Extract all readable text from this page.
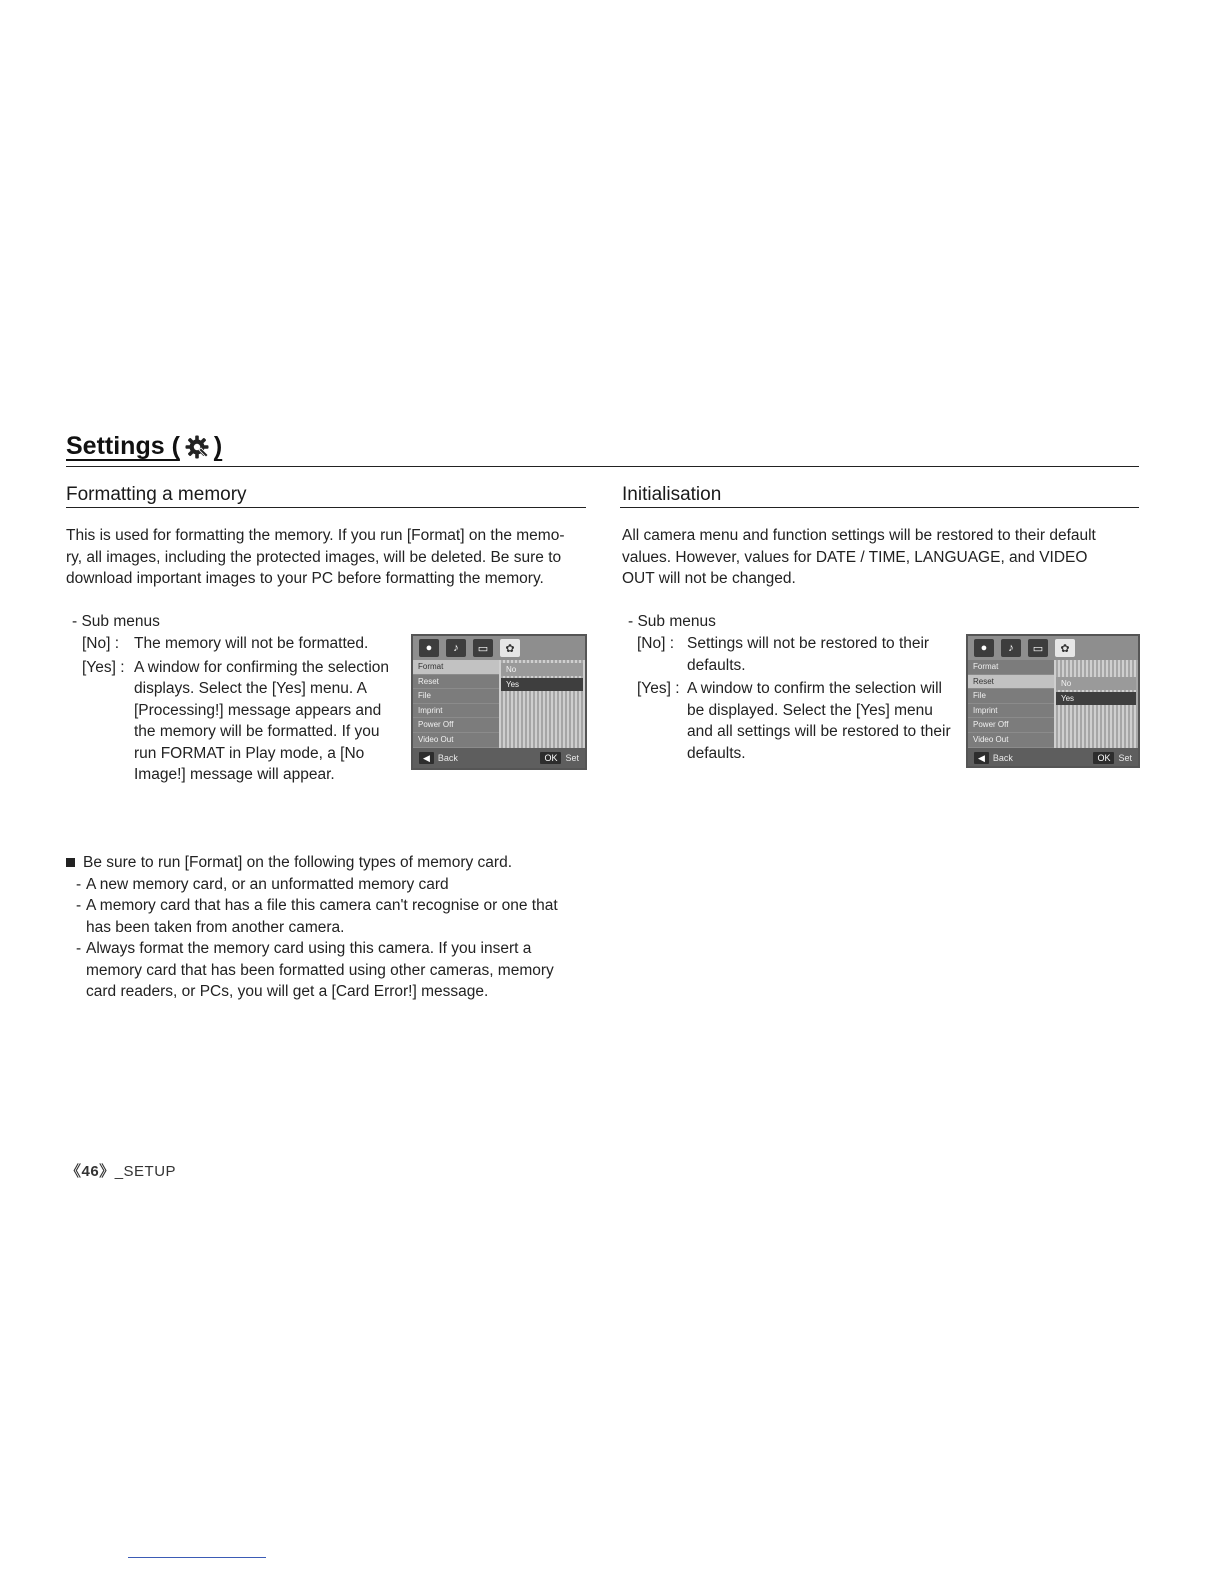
Settings ( )
Formatting a memory

This is used for formatting the memory. If you run [Format] on the memo-

ry, all images, including the protected images, will be deleted. Be sure to

download important images to your PC before formatting the memory.

- Sub menus
[No] : The memory will not be formatted.
[Yes] : A window for confirming the selection displays. Select the [Yes] menu. A [Processing!] message appears and the memory will be formatted. If you run FORMAT in Play mode, a [No Image!] message will appear.
●	♪	▭	✿
Format
Reset
File
Imprint
Power Off
Video Out
No
Yes
◀ Back	OK Set
Initialisation

All camera menu and function settings will be restored to their default

values. However, values for DATE / TIME, LANGUAGE, and VIDEO

OUT will not be changed.

- Sub menus
[No] : Settings will not be restored to their defaults.
[Yes] : A window to confirm the selection will be displayed. Select the [Yes] menu and all settings will be restored to their defaults.
●	♪	▭	✿
Format
Reset
File
Imprint
Power Off
Video Out
No
Yes
◀ Back	OK Set
Be sure to run [Format] on the following types of memory card.
- A new memory card, or an unformatted memory card
- A memory card that has a file this camera can't recognise or one that has been taken from another camera.
- Always format the memory card using this camera. If you insert a memory card that has been formatted using other cameras, memory card readers, or PCs, you will get a [Card Error!] message.
《46》_SETUP
